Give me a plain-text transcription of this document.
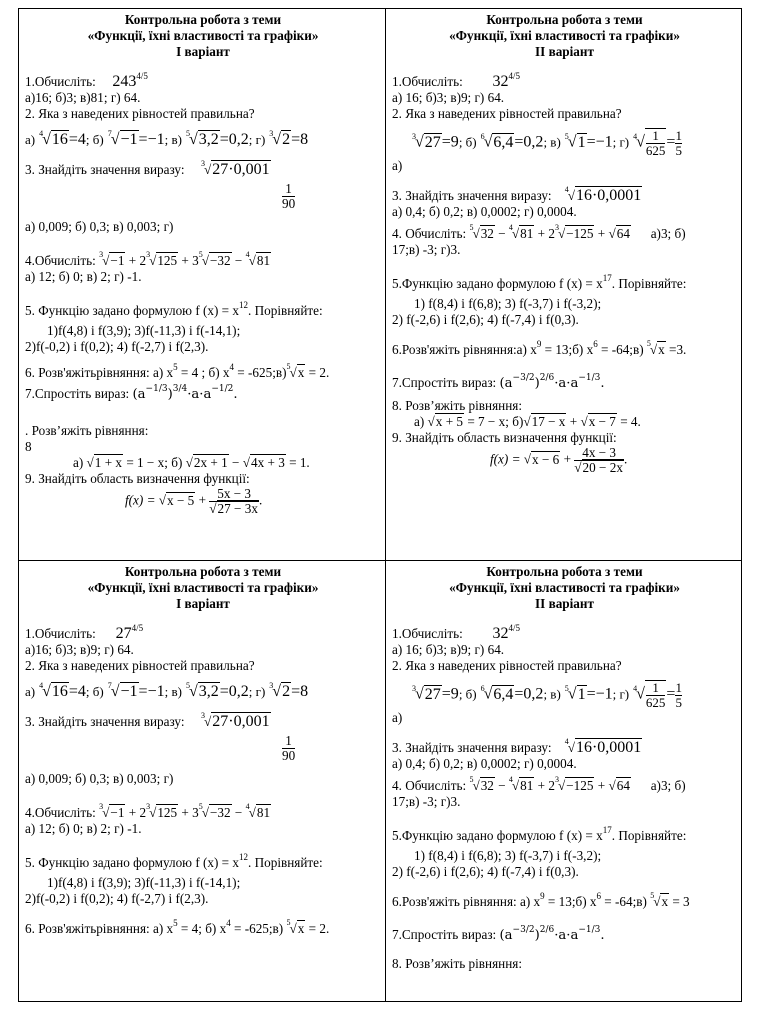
Контрольна робота з теми
«Функції, їхні властивості та графіки»
І варіант
1.Обчисліть: $243^{4/5}$
а)16; б)3; в)81; г) 64.
2. Яка з наведених рівностей правильна?
а) $^4$√16=4; б) $^7$√−1=−1; в) $^5$√3,2=0,2; г) $^3$√2=8
3. Знайдіть значення виразу: $^3$√27·0,001
$\frac{1}{90}$
а) 0,009; б) 0,3; в) 0,003; г)
4.Обчисліть: $^3√-1 + 2^3√125 + 3^5√-32 - ^4√81$
а) 12; б) 0; в) 2; г) -1.
5. Функцію задано формулою f $(x) = x^{12}$. Порівняйте:
1)f(4,8) і f(3,9); 3)f(-11,3) і f(-14,1);
2)f(-0,2) і f(0,2); 4) f(-2,7) і f(2,3).
6. Розв'яжітьрівняння: а) $x^5 = 4$ ; б) $x^4$ = -625;в)$^5$√x = 2.
7.Спростіть вираз: $(a^{-1/3})^{3/4}\cdot a\cdot a^{-1/2}$.
. Розв’яжіть рівняння:
8
а) √1 + x = 1 − x; б) √2x + 1 − √4x + 3 = 1.
9. Знайдіть область визначення функції:
$f(x) = √x - 5 + \frac{5x - 3}{√27 - 3x}$ .
Контрольна робота з теми
«Функції, їхні властивості та графіки»
ІІ варіант
1.Обчисліть: $32^{4/5}$
а) 16; б)3; в)9; г) 64.
2. Яка з наведених рівностей правильна?
$^3$√27=9; б) $^6$√6,4=0,2; в) $^5$√1=−1; г) $^4√ \frac{1}{625} = \frac{1}{5}$
а)
3. Знайдіть значення виразу: $^4$√16·0,0001
а) 0,4; б) 0,2; в) 0,0002; г) 0,0004.
4. Обчисліть: $^5√32 - ^4√81 + 2^3√-125 + √64$ а)3; б)
17;в) -3; г)3.
5.Функцію задано формулою f $(x) = x^{17}$. Порівняйте:
1) f(8,4) і f(6,8); 3) f(-3,7) і f(-3,2);
2) f(-2,6) і f(2,6); 4) f(-7,4) і f(0,3).
6.Розв'яжіть рівняння:а) $x^9$ = 13;б) $x^6$ = -64;в) $^5$√x =3.
7.Спростіть вираз: $(a^{-3/2})^{2/6}\cdot a\cdot a^{-1/3}$.
8. Розв’яжіть рівняння:
а) √x + 5 = 7 − x; б)√17 − x + √x − 7 = 4.
9. Знайдіть область визначення функції:
$f(x) = √x - 6 + \frac{4x - 3}{√20 - 2x}$ .
Контрольна робота з теми
«Функції, їхні властивості та графіки»
І варіант
1.Обчисліть: $27^{4/5}$
а)16; б)3; в)9; г) 64.
2. Яка з наведених рівностей правильна?
а) $^4$√16=4; б) $^7$√−1=−1; в) $^5$√3,2=0,2; г) $^3$√2=8
3. Знайдіть значення виразу: $^3$√27·0,001
$\frac{1}{90}$
а) 0,009; б) 0,3; в) 0,003; г)
4.Обчисліть: $^3√-1 + 2^3√125 + 3^5√-32 - ^4√81$
а) 12; б) 0; в) 2; г) -1.
5. Функцію задано формулою f $(x) = x^{12}$. Порівняйте:
1)f(4,8) і f(3,9); 3)f(-11,3) і f(-14,1);
2)f(-0,2) і f(0,2); 4) f(-2,7) і f(2,3).
6. Розв'яжітьрівняння: а) $x^5 = 4$; б) $x^4$ = -625;в) $^5$√x = 2.
Контрольна робота з теми
«Функції, їхні властивості та графіки»
ІІ варіант
1.Обчисліть: $32^{4/5}$
а) 16; б)3; в)9; г) 64.
2. Яка з наведених рівностей правильна?
$^3$√27=9; б) $^6$√6,4=0,2; в) $^5$√1=−1; г) $^4√ \frac{1}{625} = \frac{1}{5}$
а)
3. Знайдіть значення виразу: $^4$√16·0,0001
а) 0,4; б) 0,2; в) 0,0002; г) 0,0004.
4. Обчисліть: $^5√32 - ^4√81 + 2^3√-125 + √64$ а)3; б)
17;в) -3; г)3.
5.Функцію задано формулою f $(x) = x^{17}$. Порівняйте:
1) f(8,4) і f(6,8); 3) f(-3,7) і f(-3,2);
2) f(-2,6) і f(2,6); 4) f(-7,4) і f(0,3).
6.Розв'яжіть рівняння: а) $x^9$ = 13;б) $x^6$ = -64;в) $^5$√x = 3
7.Спростіть вираз: $(a^{-3/2})^{2/6}\cdot a\cdot a^{-1/3}$.
8. Розв’яжіть рівняння:
